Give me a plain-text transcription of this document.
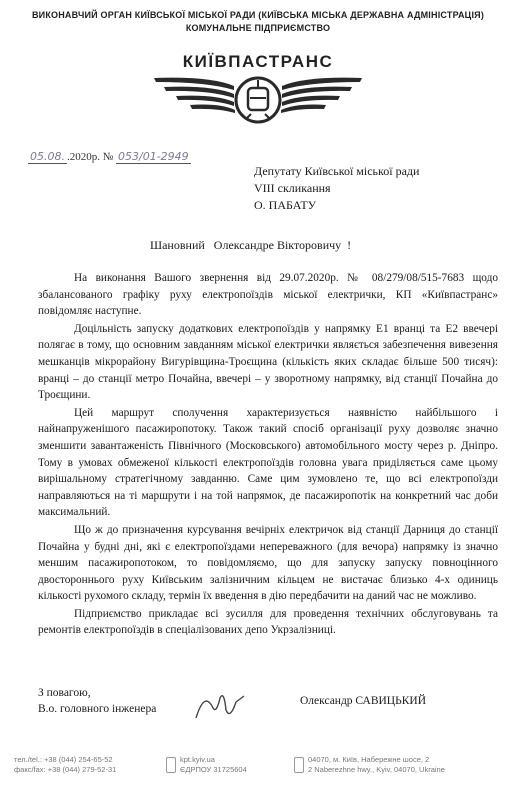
ВИКОНАВЧИЙ ОРГАН КИЇВСЬКОЇ МІСЬКОЇ РАДИ (КИЇВСЬКА МІСЬКА ДЕРЖАВНА АДМІНІСТРАЦІЯ)
КОМУНАЛЬНЕ ПІДПРИЄМСТВО
КИЇВПАСТРАНС
05.08. .2020р. № 053/01-2949
Депутату Київської міської ради
VIII скликання
О. ПАБАТУ
Шановний   Олександре Вікторовичу  !

На виконання Вашого звернення від 29.07.2020р. № 08/279/08/515-7683 щодо збалансованого графіку руху електропоїздів міської електрички, КП «Київпастранс» повідомляє наступне.

Доцільність запуску додаткових електропоїздів у напрямку Е1 вранці та Е2 ввечері полягає в тому, що основним завданням міської електрички являється забезпечення вивезення мешканців мікрорайону Вигурівщина-Троєщина (кількість яких складає більше 500 тисяч): вранці – до станції метро Почайна, ввечері – у зворотному напрямку, від станції Почайна до Троєщини.

Цей маршрут сполучення характеризується наявністю найбільшого і найнапруженішого пасажиропотоку. Також такий спосіб організації руху дозволяє значно зменшити завантаженість Північного (Московського) автомобільного мосту через р. Дніпро. Тому в умовах обмеженої кількості електропоїздів головна увага приділяється саме цьому вирішальному стратегічному завданню. Саме цим зумовлено те, що всі електропоїзди направляються на ті маршрути і на той напрямок, де пасажиропотік на конкретний час доби максимальний.

Що ж до призначення курсування вечірніх електричок від станції Дарниця до станції Почайна у будні дні, які є електропоїздами непереважного (для вечора) напрямку із значно меншим пасажиропотоком, то повідомляємо, що для запуску запуску повноцінного двостороннього руху Київським залізничним кільцем не вистачає близько 4-х одиниць кількості рухомого складу, термін їх введення в дію передбачити на даний час не можливо.

Підприємство прикладає всі зусилля для проведення технічних обслуговувань та ремонтів електропоїздів в спеціалізованих депо Укрзалізниці.

З повагою,
В.о. головного інженера
Олександр САВИЦЬКИЙ
тел./tel.: +38 (044) 254-65-52
факс/fax: +38 (044) 279-52-31
kpt.kyiv.ua
ЄДРПОУ 31725604
04070, м. Київ, Набережне шосе, 2
2 Naberezhne hwy., Kyiv, 04070, Ukraine
